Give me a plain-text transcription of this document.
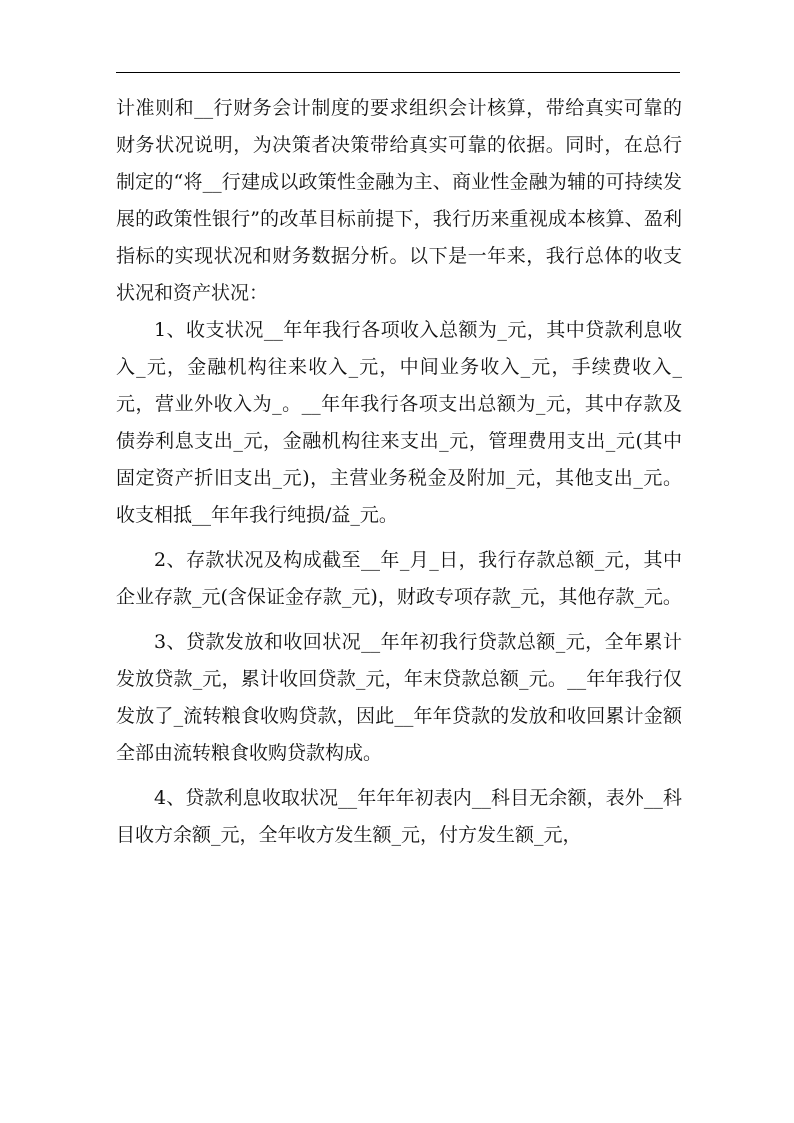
计准则和__行财务会计制度的要求组织会计核算，带给真实可靠的财务状况说明，为决策者决策带给真实可靠的依据。同时，在总行制定的“将__行建成以政策性金融为主、商业性金融为辅的可持续发展的政策性银行”的改革目标前提下，我行历来重视成本核算、盈利指标的实现状况和财务数据分析。以下是一年来，我行总体的收支状况和资产状况：

1、收支状况__年年我行各项收入总额为_元，其中贷款利息收入_元，金融机构往来收入_元，中间业务收入_元，手续费收入_元，营业外收入为_。__年年我行各项支出总额为_元，其中存款及债券利息支出_元，金融机构往来支出_元，管理费用支出_元(其中固定资产折旧支出_元)，主营业务税金及附加_元，其他支出_元。收支相抵__年年我行纯损/益_元。

2、存款状况及构成截至__年_月_日，我行存款总额_元，其中企业存款_元(含保证金存款_元)，财政专项存款_元，其他存款_元。

3、贷款发放和收回状况__年年初我行贷款总额_元，全年累计发放贷款_元，累计收回贷款_元，年末贷款总额_元。__年年我行仅发放了_流转粮食收购贷款，因此__年年贷款的发放和收回累计金额全部由流转粮食收购贷款构成。

4、贷款利息收取状况__年年年初表内__科目无余额，表外__科目收方余额_元，全年收方发生额_元，付方发生额_元，
